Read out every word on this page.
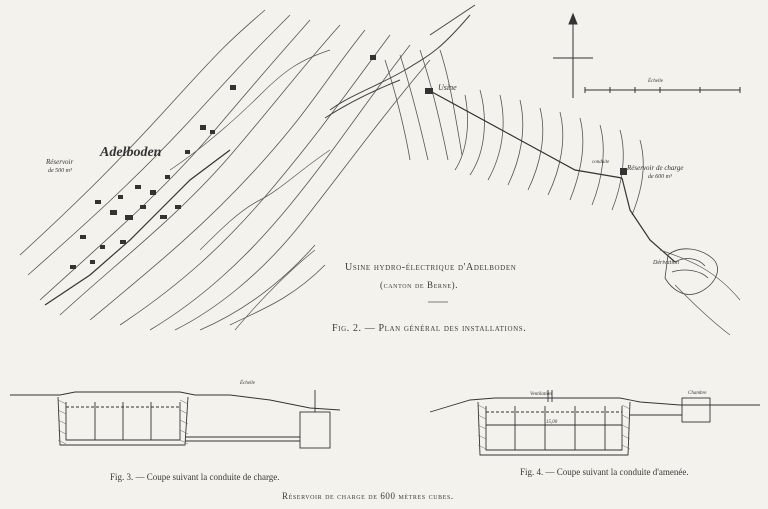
Adelboden
Réservoir
de 500 m³	Réservoir de charge
de 600 m³
Usine
Dérivation
conduite
Échelle
Échelle
Ventilation	Chambre
15,00
Usine hydro-électrique d'Adelboden
(canton de Berne).
Fig. 2. — Plan général des installations.
Fig. 3. — Coupe suivant la conduite de charge.	Fig. 4. — Coupe suivant la conduite d'amenée.
Réservoir de charge de 600 mètres cubes.
